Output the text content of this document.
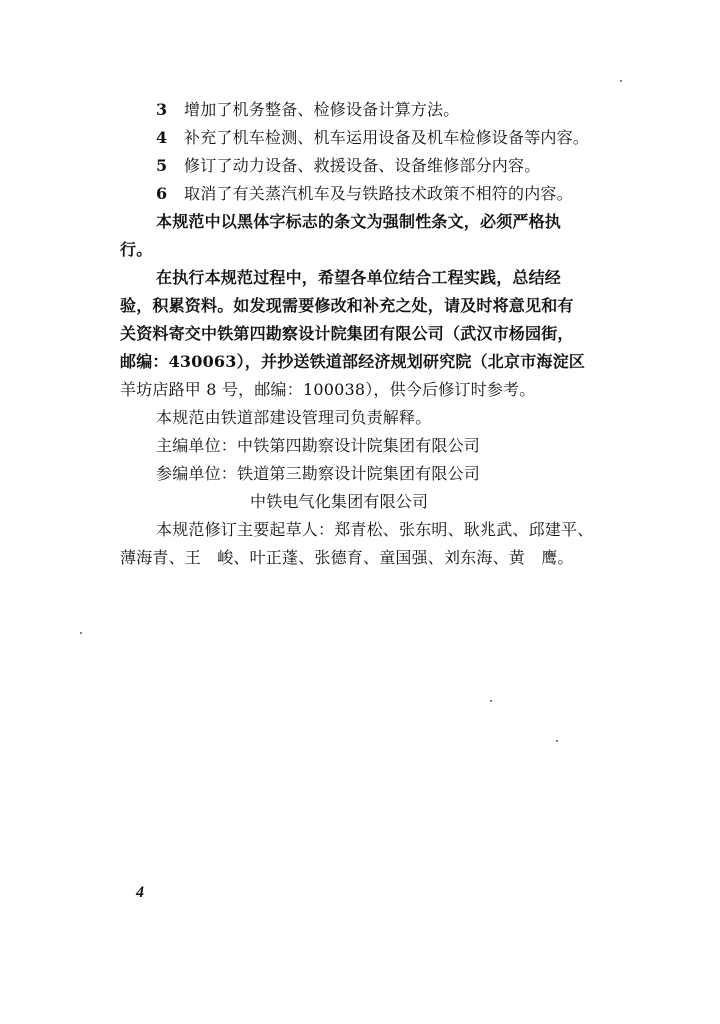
3 增加了机务整备、检修设备计算方法。
4 补充了机车检测、机车运用设备及机车检修设备等内容。
5 修订了动力设备、救援设备、设备维修部分内容。
6 取消了有关蒸汽机车及与铁路技术政策不相符的内容。
本规范中以黑体字标志的条文为强制性条文，必须严格执
行。
在执行本规范过程中，希望各单位结合工程实践，总结经
验，积累资料。如发现需要修改和补充之处，请及时将意见和有
关资料寄交中铁第四勘察设计院集团有限公司（武汉市杨园街，
邮编：430063），并抄送铁道部经济规划研究院（北京市海淀区
羊坊店路甲 8 号，邮编：100038），供今后修订时参考。
本规范由铁道部建设管理司负责解释。
主编单位：中铁第四勘察设计院集团有限公司
参编单位：铁道第三勘察设计院集团有限公司
中铁电气化集团有限公司
本规范修订主要起草人：郑青松、张东明、耿兆武、邱建平、
薄海青、王　峻、叶正蓬、张德育、童国强、刘东海、黄　鹰。
4
